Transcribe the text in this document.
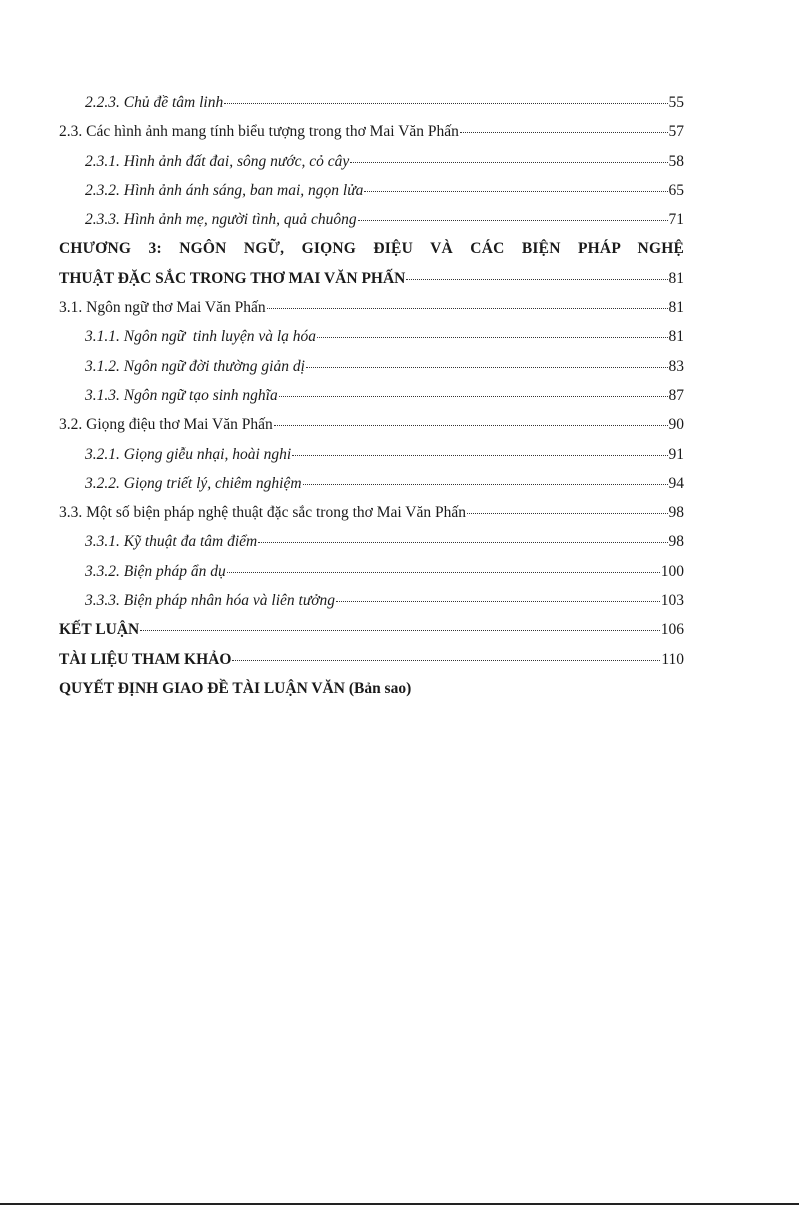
2.2.3. Chủ đề tâm linh	55
2.3. Các hình ảnh mang tính biểu tượng trong thơ Mai Văn Phấn	57
2.3.1. Hình ảnh đất đai, sông nước, cỏ cây	58
2.3.2. Hình ảnh ánh sáng, ban mai, ngọn lửa	65
2.3.3. Hình ảnh mẹ, người tình, quả chuông	71
CHƯƠNG 3: NGÔN NGỮ, GIỌNG ĐIỆU VÀ CÁC BIỆN PHÁP NGHỆ
THUẬT ĐẶC SẮC TRONG THƠ MAI VĂN PHẤN	81
3.1. Ngôn ngữ thơ Mai Văn Phấn	81
3.1.1. Ngôn ngữ  tinh luyện và lạ hóa	81
3.1.2. Ngôn ngữ đời thường giản dị	83
3.1.3. Ngôn ngữ tạo sinh nghĩa	87
3.2. Giọng điệu thơ Mai Văn Phấn	90
3.2.1. Giọng giễu nhại, hoài nghi	91
3.2.2. Giọng triết lý, chiêm nghiệm	94
3.3. Một số biện pháp nghệ thuật đặc sắc trong thơ Mai Văn Phấn	98
3.3.1. Kỹ thuật đa tâm điểm	98
3.3.2. Biện pháp ẩn dụ	100
3.3.3. Biện pháp nhân hóa và liên tưởng	103
KẾT LUẬN	106
TÀI LIỆU THAM KHẢO	110
QUYẾT ĐỊNH GIAO ĐỀ TÀI LUẬN VĂN (Bản sao)
